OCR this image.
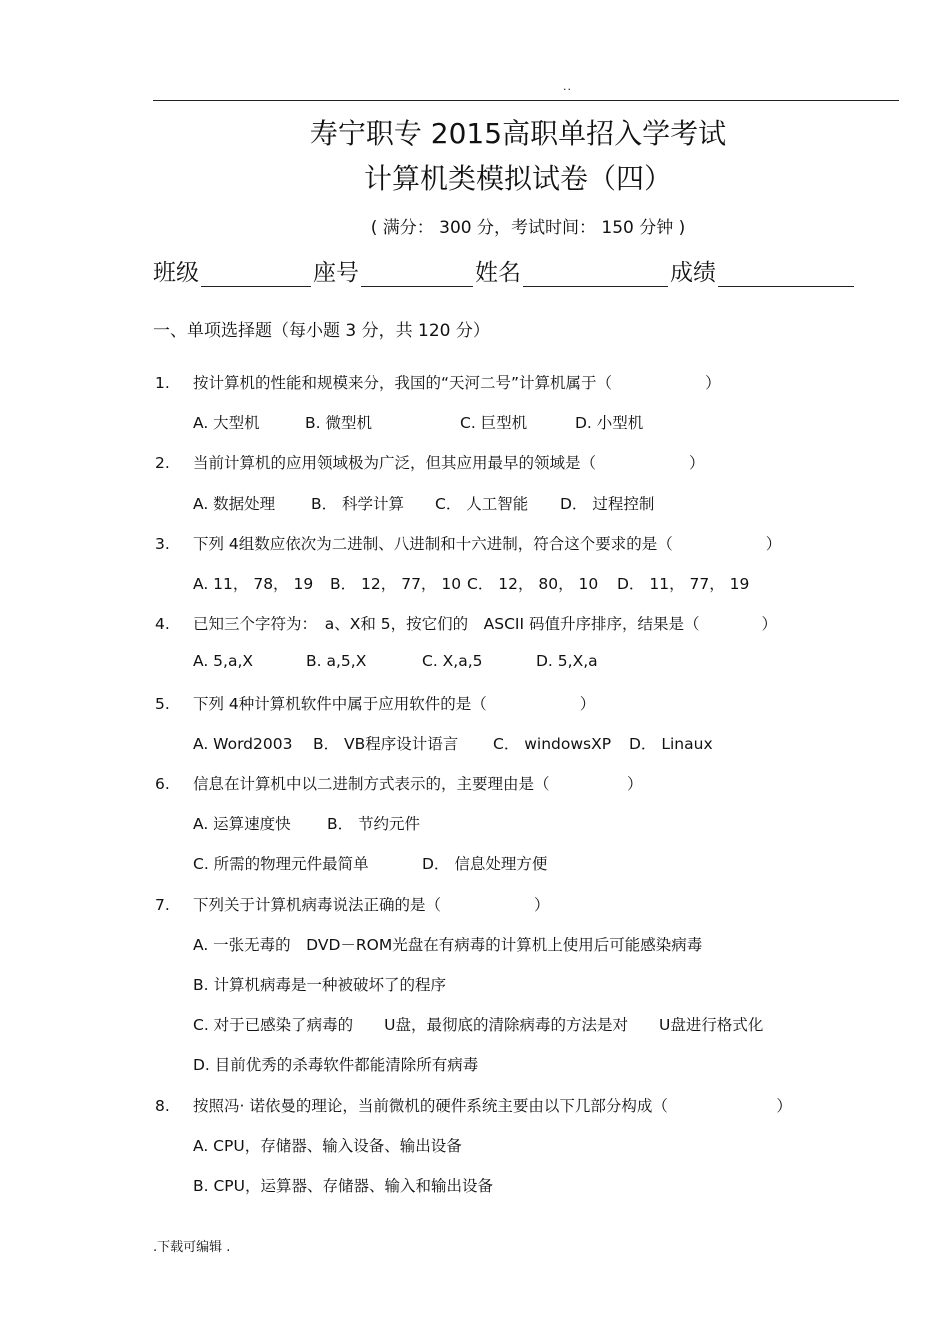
..
寿宁职专 2015高职单招入学考试
计算机类模拟试卷（四）
( 满分： 300 分，考试时间： 150 分钟 )
班级	座号	姓名	成绩
一、单项选择题（每小题 3 分，共 120 分）
1. 按计算机的性能和规模来分，我国的“天河二号”计算机属于（　　　　　　）
A. 大型机	B. 微型机	C. 巨型机	D. 小型机
2. 当前计算机的应用领域极为广泛，但其应用最早的领域是（　　　　　　）
A. 数据处理 B． 科学计算 C． 人工智能 D． 过程控制
3. 下列 4组数应依次为二进制、八进制和十六进制，符合这个要求的是（　　　　　　）
A. 11， 78， 19 B． 12， 77， 10 C． 12， 80， 10 D． 11， 77， 19
4. 已知三个字符为：　a、X和 5，按它们的　ASCII 码值升序排序，结果是（　　　　）
A. 5,a,X	B. a,5,X	C. X,a,5	D. 5,X,a
5. 下列 4种计算机软件中属于应用软件的是（　　　　　　）
A. Word2003 B． VB程序设计语言 C． windowsXP D． Linaux
6. 信息在计算机中以二进制方式表示的，主要理由是（　　　　　）
A. 运算速度快 B． 节约元件
C. 所需的物理元件最简单	D． 信息处理方便
7. 下列关于计算机病毒说法正确的是（　　　　　　）
A. 一张无毒的　DVD－ROM光盘在有病毒的计算机上使用后可能感染病毒
B. 计算机病毒是一种被破坏了的程序
C. 对于已感染了病毒的　　U盘，最彻底的清除病毒的方法是对　　U盘进行格式化
D. 目前优秀的杀毒软件都能清除所有病毒
8. 按照冯· 诺依曼的理论，当前微机的硬件系统主要由以下几部分构成（　　　　　　　）
A. CPU，存储器、输入设备、输出设备
B. CPU，运算器、存储器、输入和输出设备
.下载可编辑 .
